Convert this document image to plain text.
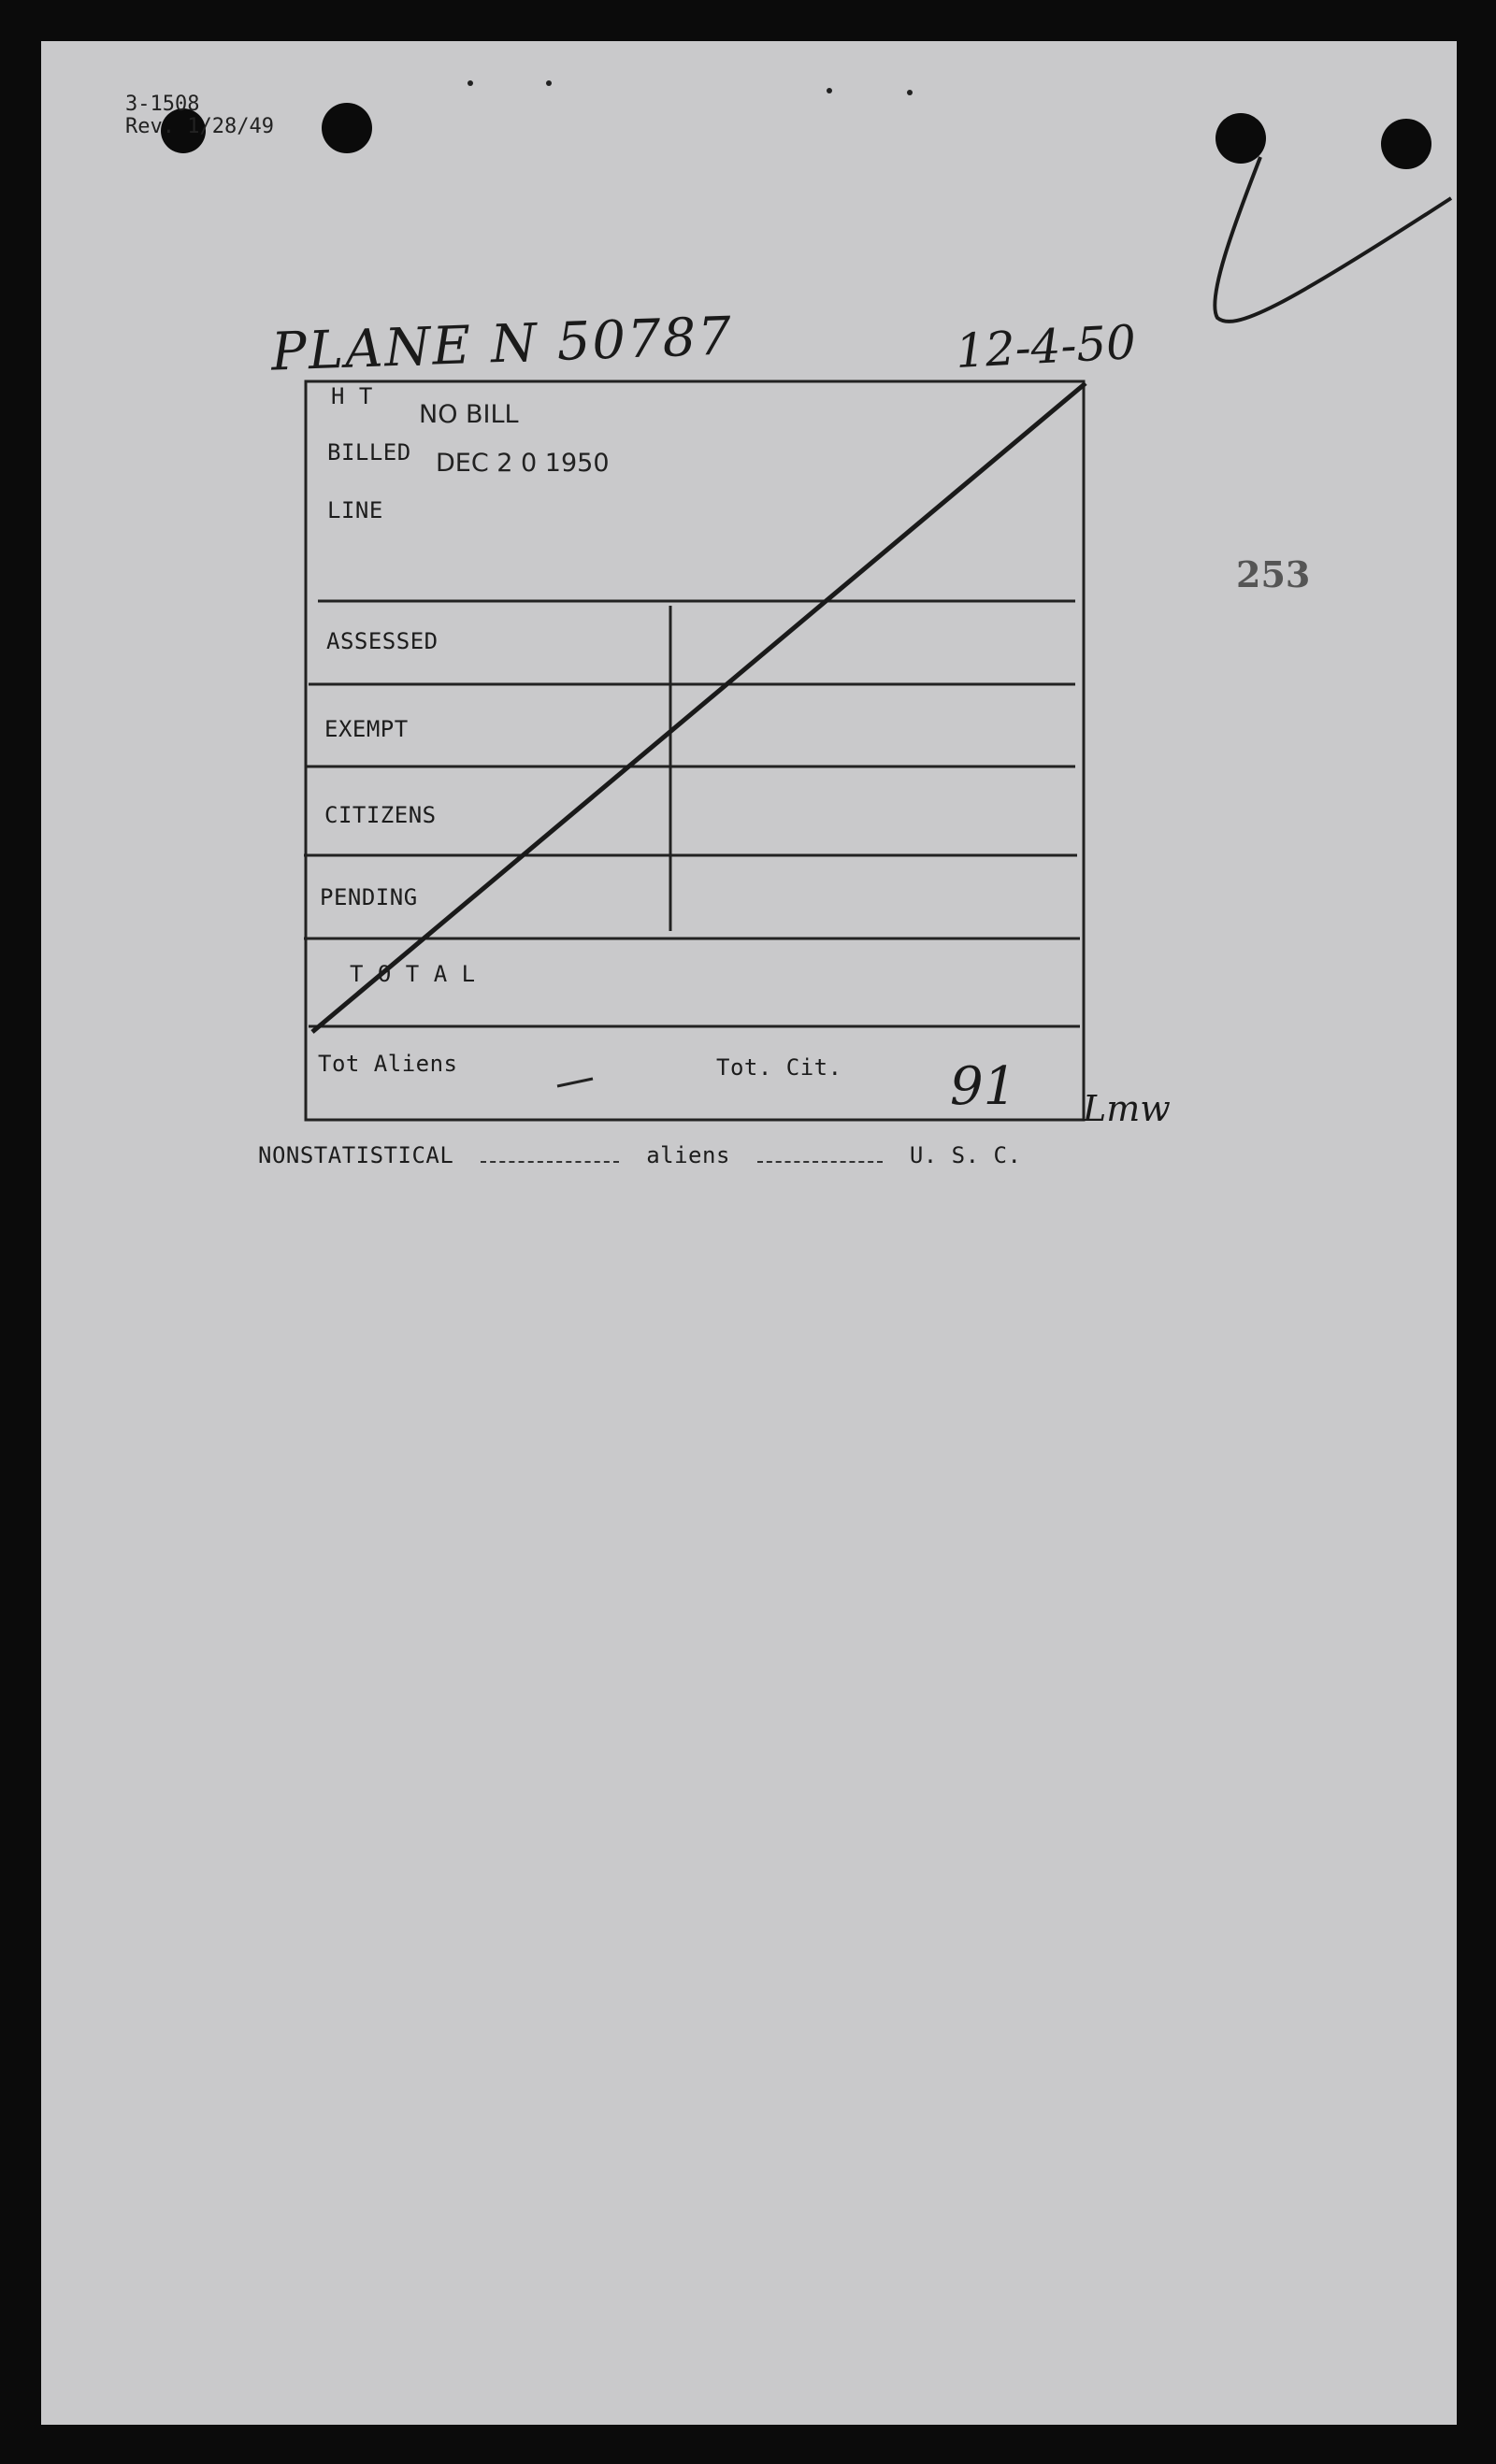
3-1508
Rev. 1/28/49
PLANE N 50787	12-4-50
253
H T
NO BILL
BILLED DEC 2 0 1950
LINE
ASSESSED
EXEMPT
CITIZENS
PENDING
T O T A L
Tot Aliens	Tot. Cit. 91 Lmw
NONSTATISTICAL	aliens	U. S. C.
